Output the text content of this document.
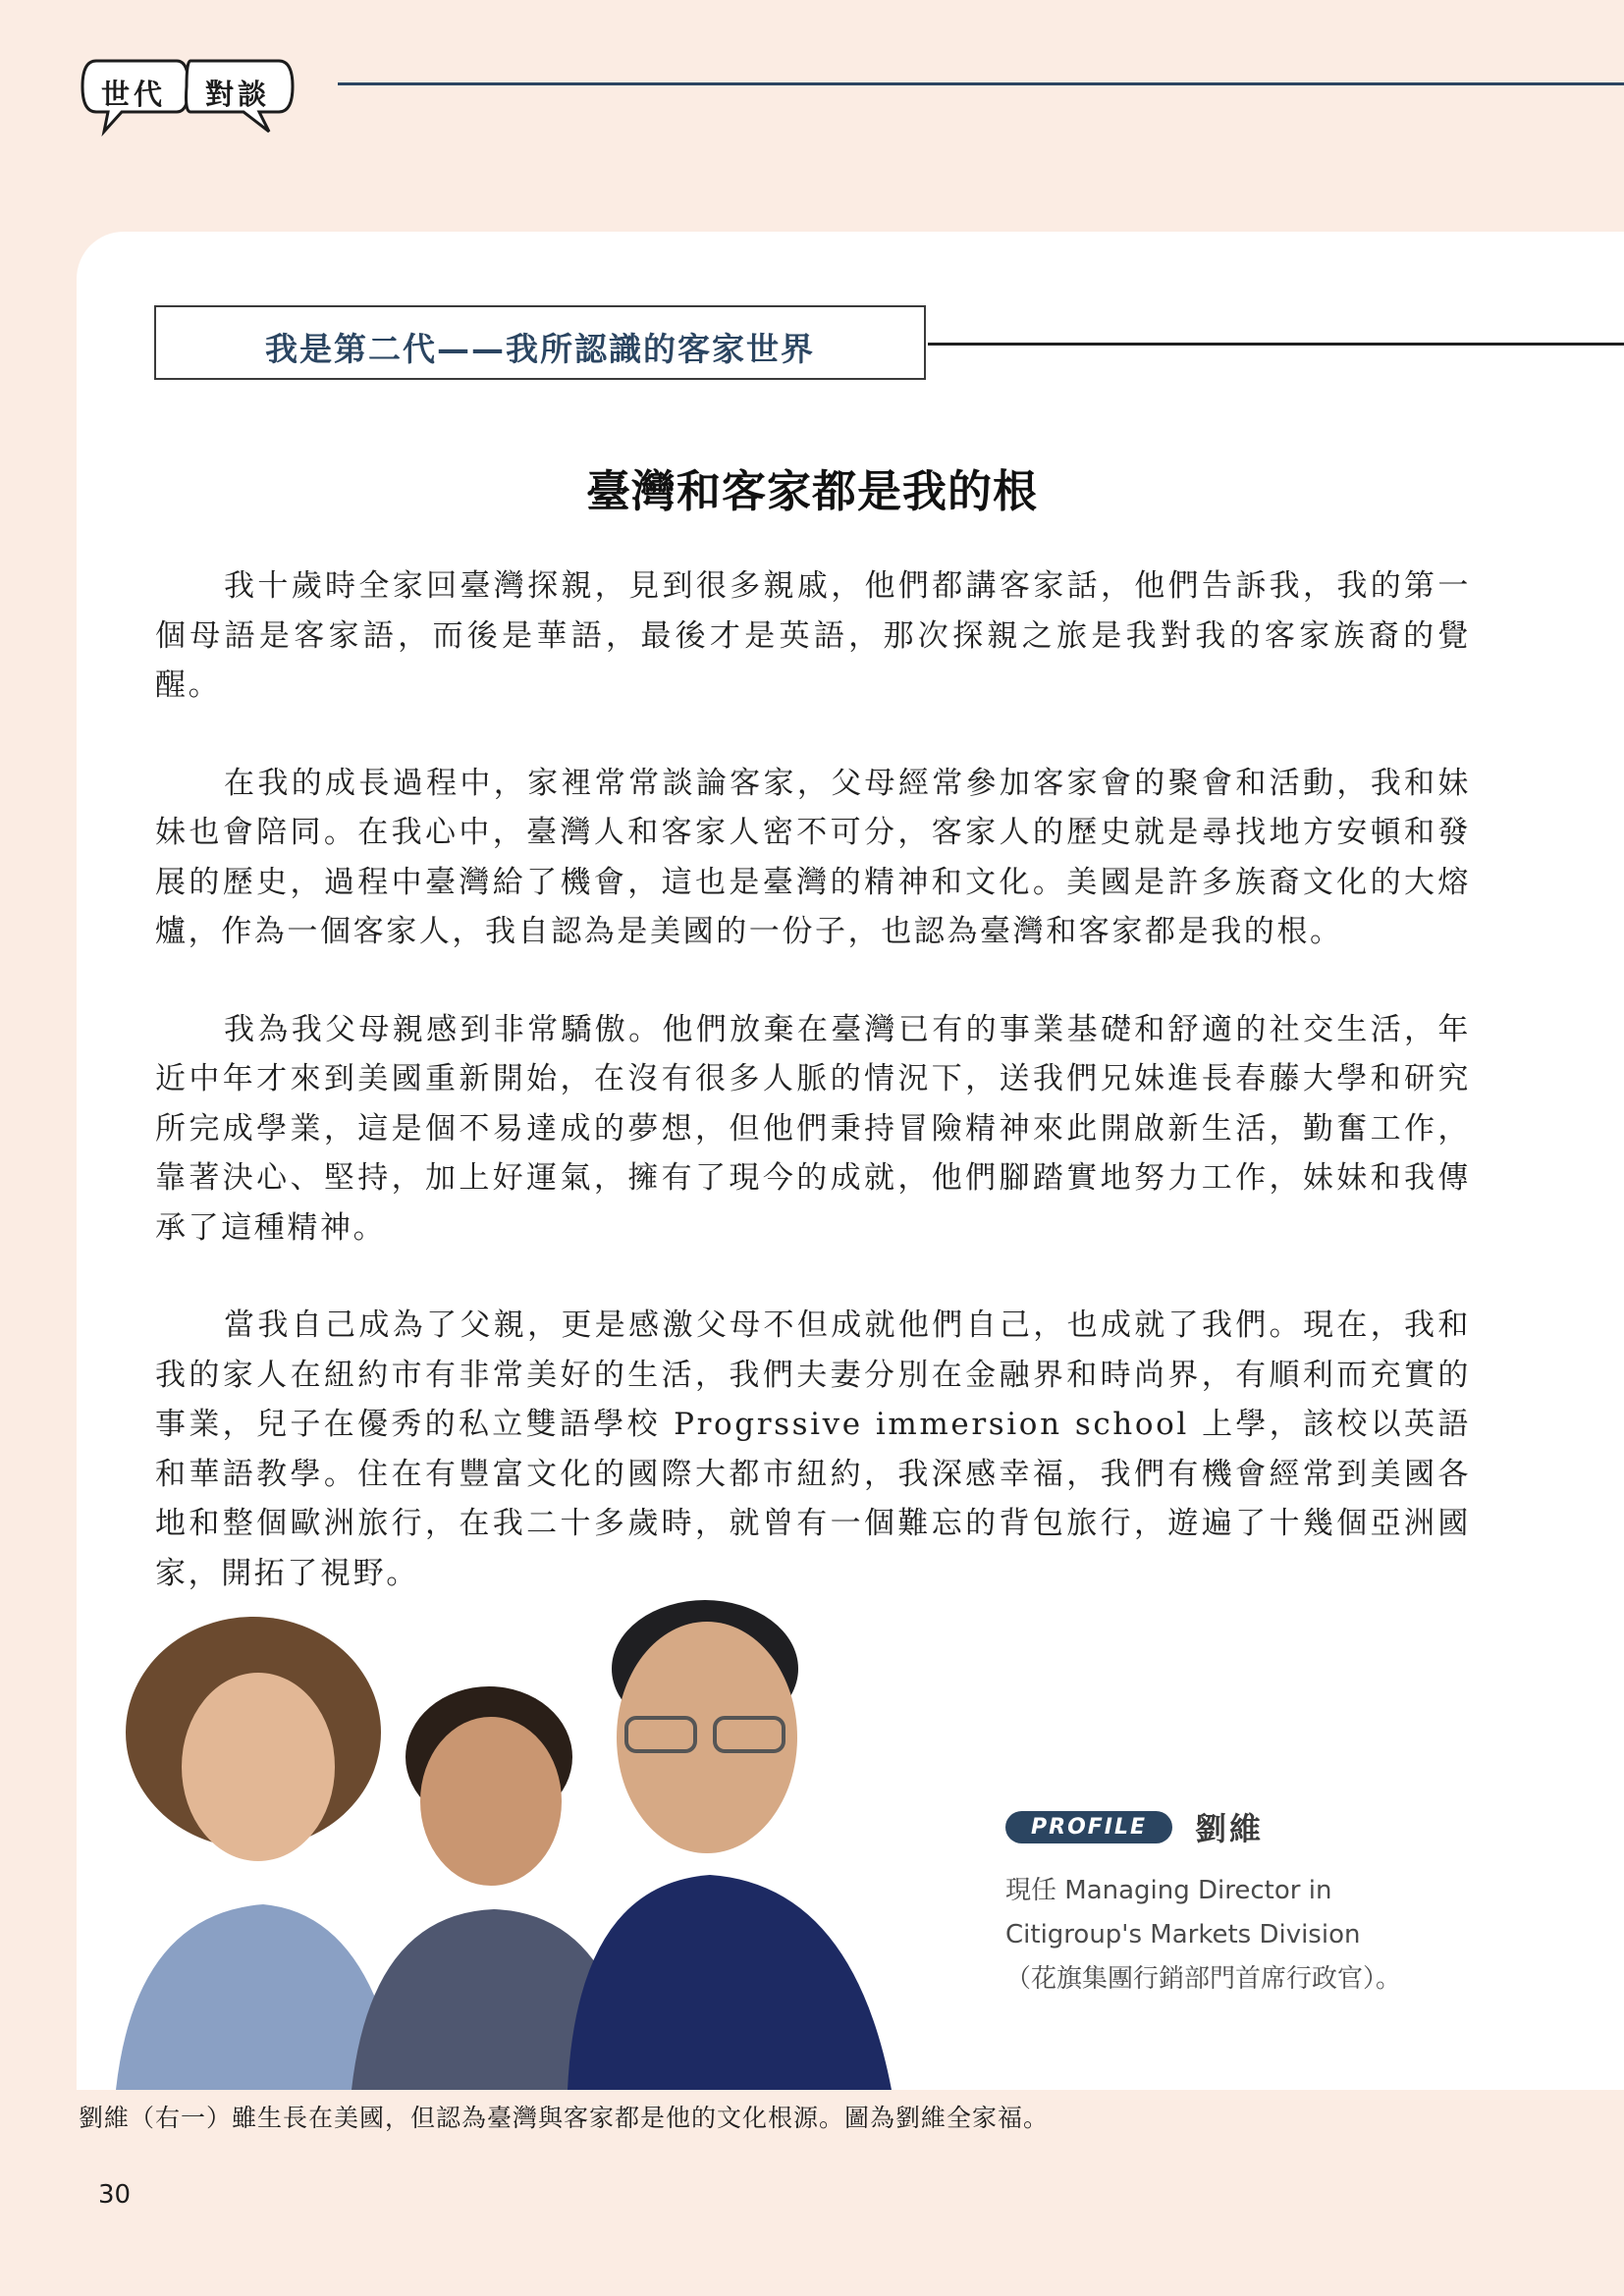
世代 對談
我是第二代——我所認識的客家世界
臺灣和客家都是我的根

我十歲時全家回臺灣探親，見到很多親戚，他們都講客家話，他們告訴我，我的第一個母語是客家語，而後是華語，最後才是英語，那次探親之旅是我對我的客家族裔的覺醒。

在我的成長過程中，家裡常常談論客家，父母經常參加客家會的聚會和活動，我和妹妹也會陪同。在我心中，臺灣人和客家人密不可分，客家人的歷史就是尋找地方安頓和發展的歷史，過程中臺灣給了機會，這也是臺灣的精神和文化。美國是許多族裔文化的大熔爐，作為一個客家人，我自認為是美國的一份子，也認為臺灣和客家都是我的根。

我為我父母親感到非常驕傲。他們放棄在臺灣已有的事業基礎和舒適的社交生活，年近中年才來到美國重新開始，在沒有很多人脈的情況下，送我們兄妹進長春藤大學和研究所完成學業，這是個不易達成的夢想，但他們秉持冒險精神來此開啟新生活，勤奮工作，靠著決心、堅持，加上好運氣，擁有了現今的成就，他們腳踏實地努力工作，妹妹和我傳承了這種精神。

當我自己成為了父親，更是感激父母不但成就他們自己，也成就了我們。現在，我和我的家人在紐約市有非常美好的生活，我們夫妻分別在金融界和時尚界，有順利而充實的事業，兒子在優秀的私立雙語學校 Progrssive immersion school 上學，該校以英語和華語教學。住在有豐富文化的國際大都市紐約，我深感幸福，我們有機會經常到美國各地和整個歐洲旅行，在我二十多歲時，就曾有一個難忘的背包旅行，遊遍了十幾個亞洲國家，開拓了視野。

PROFILE 劉維
現任 Managing Director in
Citigroup's Markets Division
（花旗集團行銷部門首席行政官）。
劉維（右一）雖生長在美國，但認為臺灣與客家都是他的文化根源。圖為劉維全家福。
30
